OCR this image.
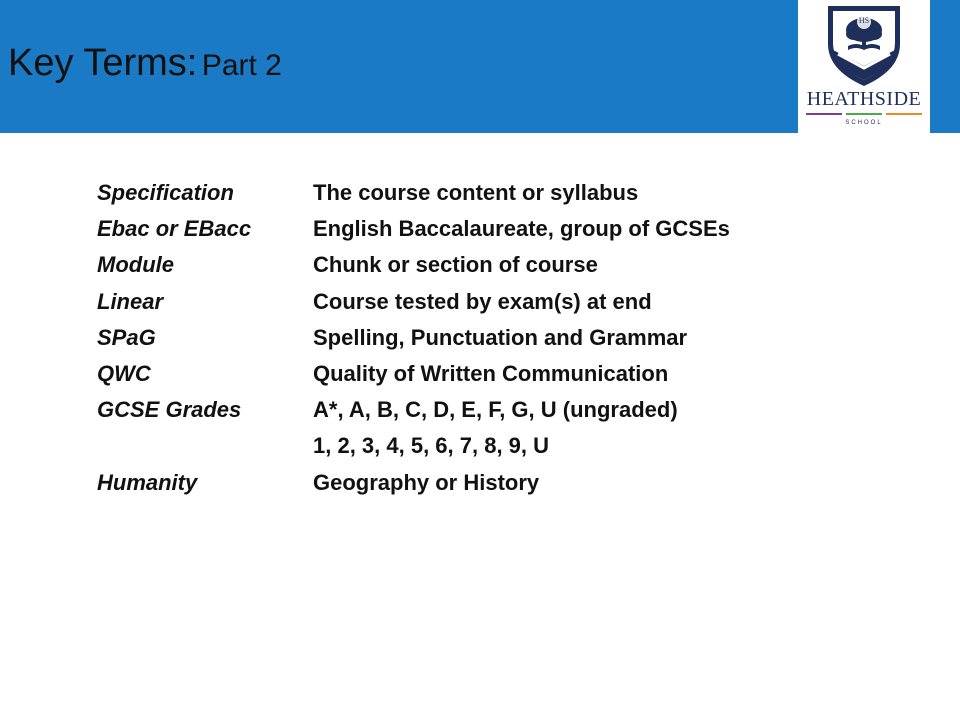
Key Terms: Part 2
HS
HEATHSIDE
SCHOOL
Specification	The course content or syllabus
Ebac or EBacc	English Baccalaureate, group of GCSEs
Module	Chunk or section of course
Linear	Course tested by exam(s) at end
SPaG	Spelling, Punctuation and Grammar
QWC	Quality of Written Communication
GCSE Grades	A*, A, B, C, D, E, F, G, U (ungraded)
1, 2, 3, 4, 5, 6, 7, 8, 9, U
Humanity	Geography or History
